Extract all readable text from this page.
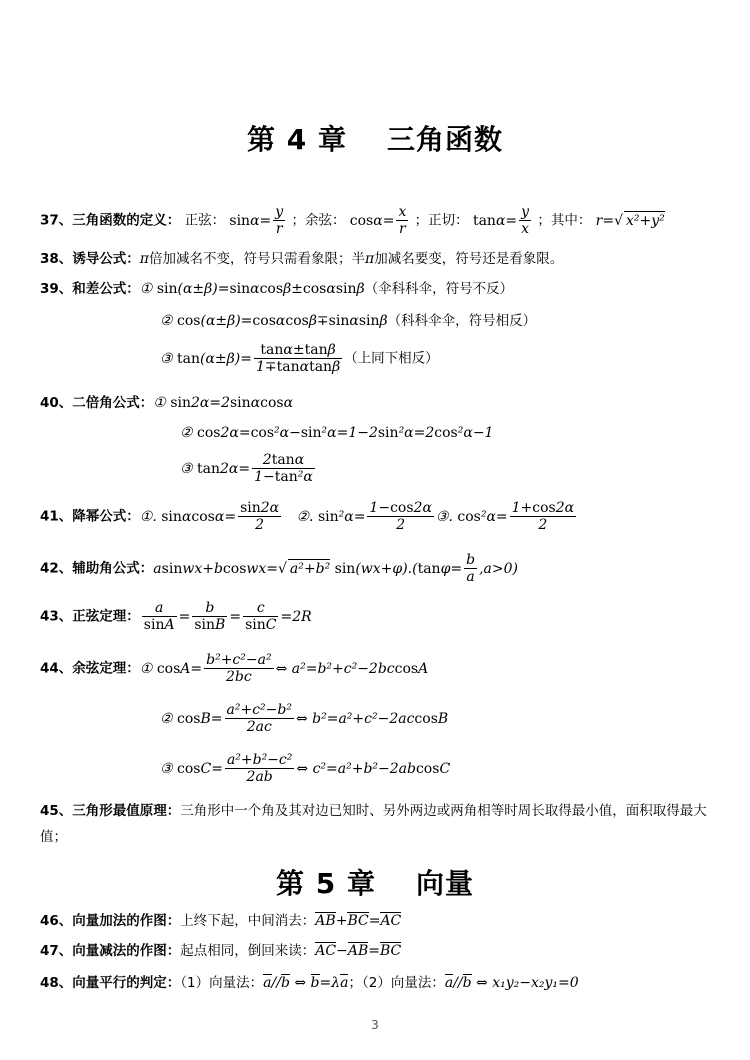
第 4 章 三角函数
37、三角函数的定义： 正弦： $\sin\alpha= \frac{y}{r}$ ；余弦： $\cos\alpha= \frac{x}{r}$ ；正切： $\tan\alpha= \frac{y}{x}$ ；其中： r=√ x²+y²
38、诱导公式：π倍加减名不变，符号只需看象限；半π加减名要变，符号还是看象限。
39、和差公式：① sin(α±β)=sinαcosβ±cosαsinβ（伞科科伞，符号不反）
② cos(α±β)=cosαcosβ∓sinαsinβ（科科伞伞，符号相反）
③ $\tan(\alpha\pm\beta)= \frac{\tan\alpha\pm\tan\beta}{1\mp\tan\alpha\tan\beta}$ （上同下相反）
40、二倍角公式：① sin2α=2sinαcosα
② cos2α=cos²α−sin²α=1−2sin²α=2cos²α−1
③ $\tan 2\alpha= \frac{2\tan\alpha}{\text{1−tan²α}}$
41、降幂公式：①. $\sin\alpha\cos\alpha= \frac{\sin 2\alpha}{2}$ ②. $\sin^2\alpha= \frac{1-\cos 2\alpha}{2}$ ③. $\cos^2\alpha= \frac{1+\cos 2\alpha}{2}$
42、辅助角公式：asinwx+bcoswx=√ a²+b² $\sin(wx+\varphi).(\tan\varphi= \frac{b}{a} ,a>0)$
43、正弦定理： $\frac{a}{\sin A} = \frac{b}{\sin B} = \frac{c}{\sin C} =2R$
44、余弦定理：① $\cos A= \frac{\text{b²+c²−a²}}{2bc}$ ⇔ a²=b²+c²−2bccosA
② $\cos B= \frac{\text{a²+c²−b²}}{2ac}$ ⇔ b²=a²+c²−2accosB
③ $\cos C= \frac{\text{a²+b²−c²}}{2ab}$ ⇔ c²=a²+b²−2abcosC
45、三角形最值原理：三角形中一个角及其对边已知时、另外两边或两角相等时周长取得最小值，面积取得最大值；
第 5 章 向量
46、向量加法的作图：上终下起，中间消去：AB+BC=AC
47、向量减法的作图：起点相同，倒回来读：AC−AB=BC
48、向量平行的判定：（1）向量法：a//b ⇔ b=λa；（2）向量法：a//b ⇔ x₁y₂−x₂y₁=0
3
